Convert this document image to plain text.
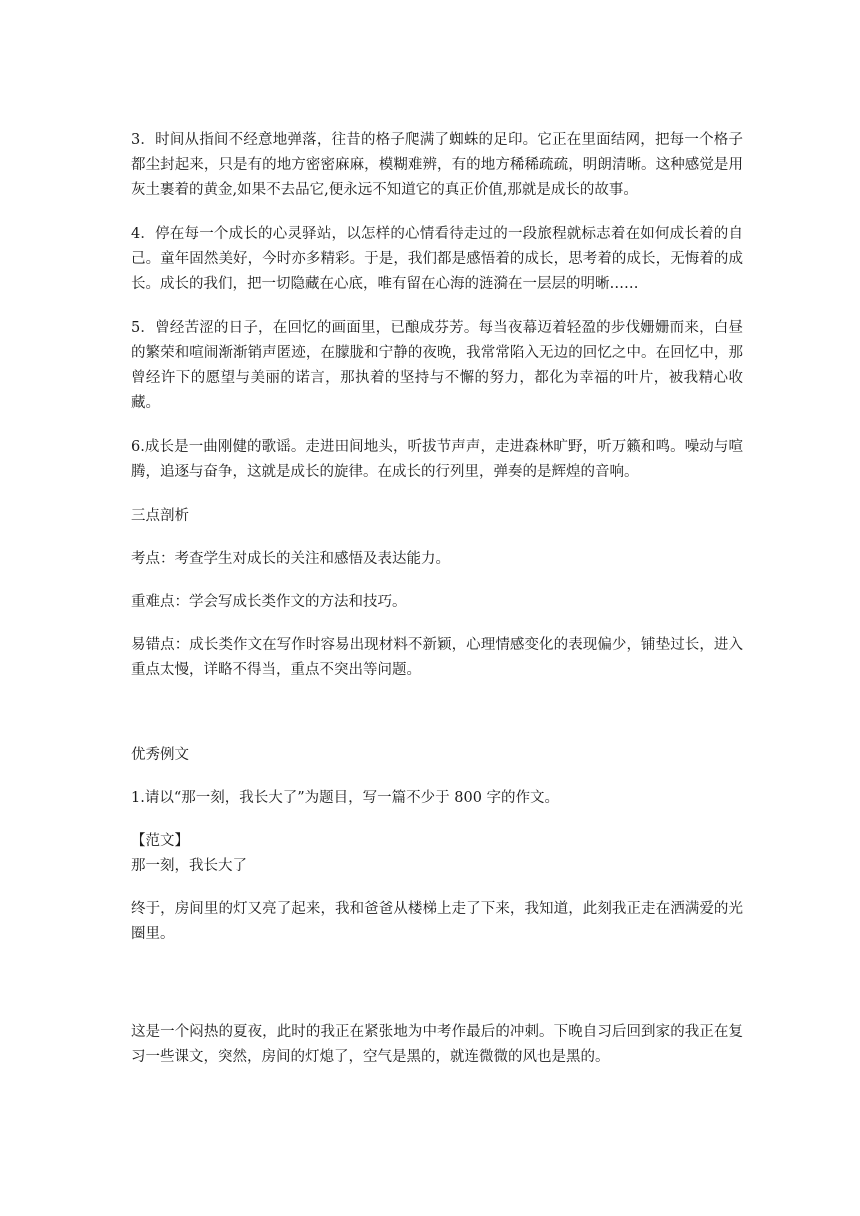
3．时间从指间不经意地弹落，往昔的格子爬满了蜘蛛的足印。它正在里面结网，把每一个格子都尘封起来，只是有的地方密密麻麻，模糊难辨，有的地方稀稀疏疏，明朗清晰。这种感觉是用灰土裹着的黄金,如果不去品它,便永远不知道它的真正价值,那就是成长的故事。

4．停在每一个成长的心灵驿站，以怎样的心情看待走过的一段旅程就标志着在如何成长着的自己。童年固然美好，今时亦多精彩。于是，我们都是感悟着的成长，思考着的成长，无悔着的成长。成长的我们，把一切隐藏在心底，唯有留在心海的涟漪在一层层的明晰……

5．曾经苦涩的日子，在回忆的画面里，已酿成芬芳。每当夜幕迈着轻盈的步伐姗姗而来，白昼的繁荣和喧闹渐渐销声匿迹，在朦胧和宁静的夜晚，我常常陷入无边的回忆之中。在回忆中，那曾经许下的愿望与美丽的诺言，那执着的坚持与不懈的努力，都化为幸福的叶片，被我精心收藏。

6.成长是一曲刚健的歌谣。走进田间地头，听拔节声声，走进森林旷野，听万籁和鸣。噪动与喧腾，追逐与奋争，这就是成长的旋律。在成长的行列里，弹奏的是辉煌的音响。

三点剖析

考点：考查学生对成长的关注和感悟及表达能力。

重难点：学会写成长类作文的方法和技巧。

易错点：成长类作文在写作时容易出现材料不新颖，心理情感变化的表现偏少，铺垫过长，进入重点太慢，详略不得当，重点不突出等问题。

优秀例文

1.请以“那一刻，我长大了”为题目，写一篇不少于 800 字的作文。

【范文】

那一刻，我长大了

终于，房间里的灯又亮了起来，我和爸爸从楼梯上走了下来，我知道，此刻我正走在洒满爱的光圈里。

这是一个闷热的夏夜，此时的我正在紧张地为中考作最后的冲刺。下晚自习后回到家的我正在复习一些课文，突然，房间的灯熄了，空气是黑的，就连微微的风也是黑的。
